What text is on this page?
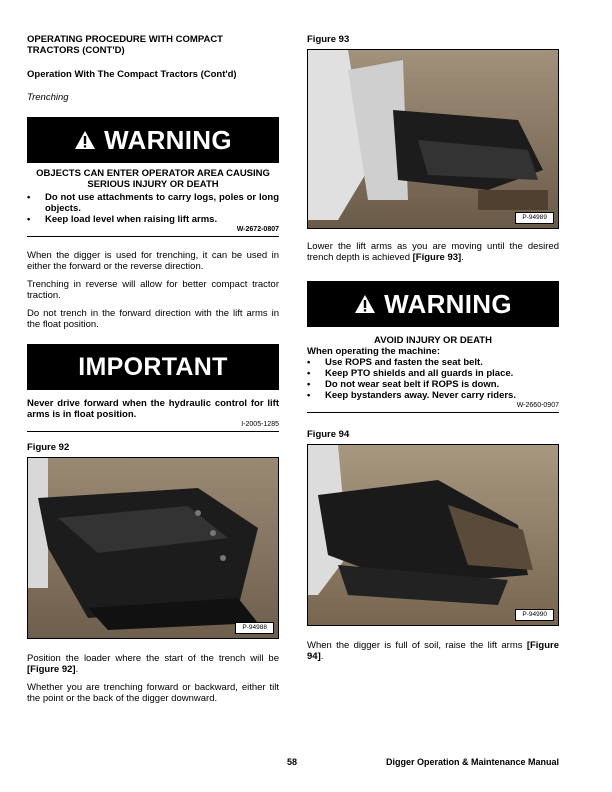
OPERATING PROCEDURE WITH COMPACT
TRACTORS (CONT'D)
Operation With The Compact Tractors (Cont'd)
Trenching
WARNING
OBJECTS CAN ENTER OPERATOR AREA CAUSING
SERIOUS INJURY OR DEATH
• Do not use attachments to carry logs, poles or long objects.
• Keep load level when raising lift arms.
W-2672-0807

When the digger is used for trenching, it can be used in either the forward or the reverse direction.

Trenching in reverse will allow for better compact tractor traction.

Do not trench in the forward direction with the lift arms in the float position.

IMPORTANT

Never drive forward when the hydraulic control for lift arms is in float position.

I-2005-1285
Figure 92
P-94988

Position the loader where the start of the trench will be [Figure 92].

Whether you are trenching forward or backward, either tilt the point or the back of the digger downward.

Figure 93
P-94989

Lower the lift arms as you are moving until the desired trench depth is achieved [Figure 93].

WARNING
AVOID INJURY OR DEATH
When operating the machine:
• Use ROPS and fasten the seat belt.
• Keep PTO shields and all guards in place.
• Do not wear seat belt if ROPS is down.
• Keep bystanders away. Never carry riders.
W-2660-0907
Figure 94
P-94990

When the digger is full of soil, raise the lift arms [Figure 94].

58	Digger Operation & Maintenance Manual
